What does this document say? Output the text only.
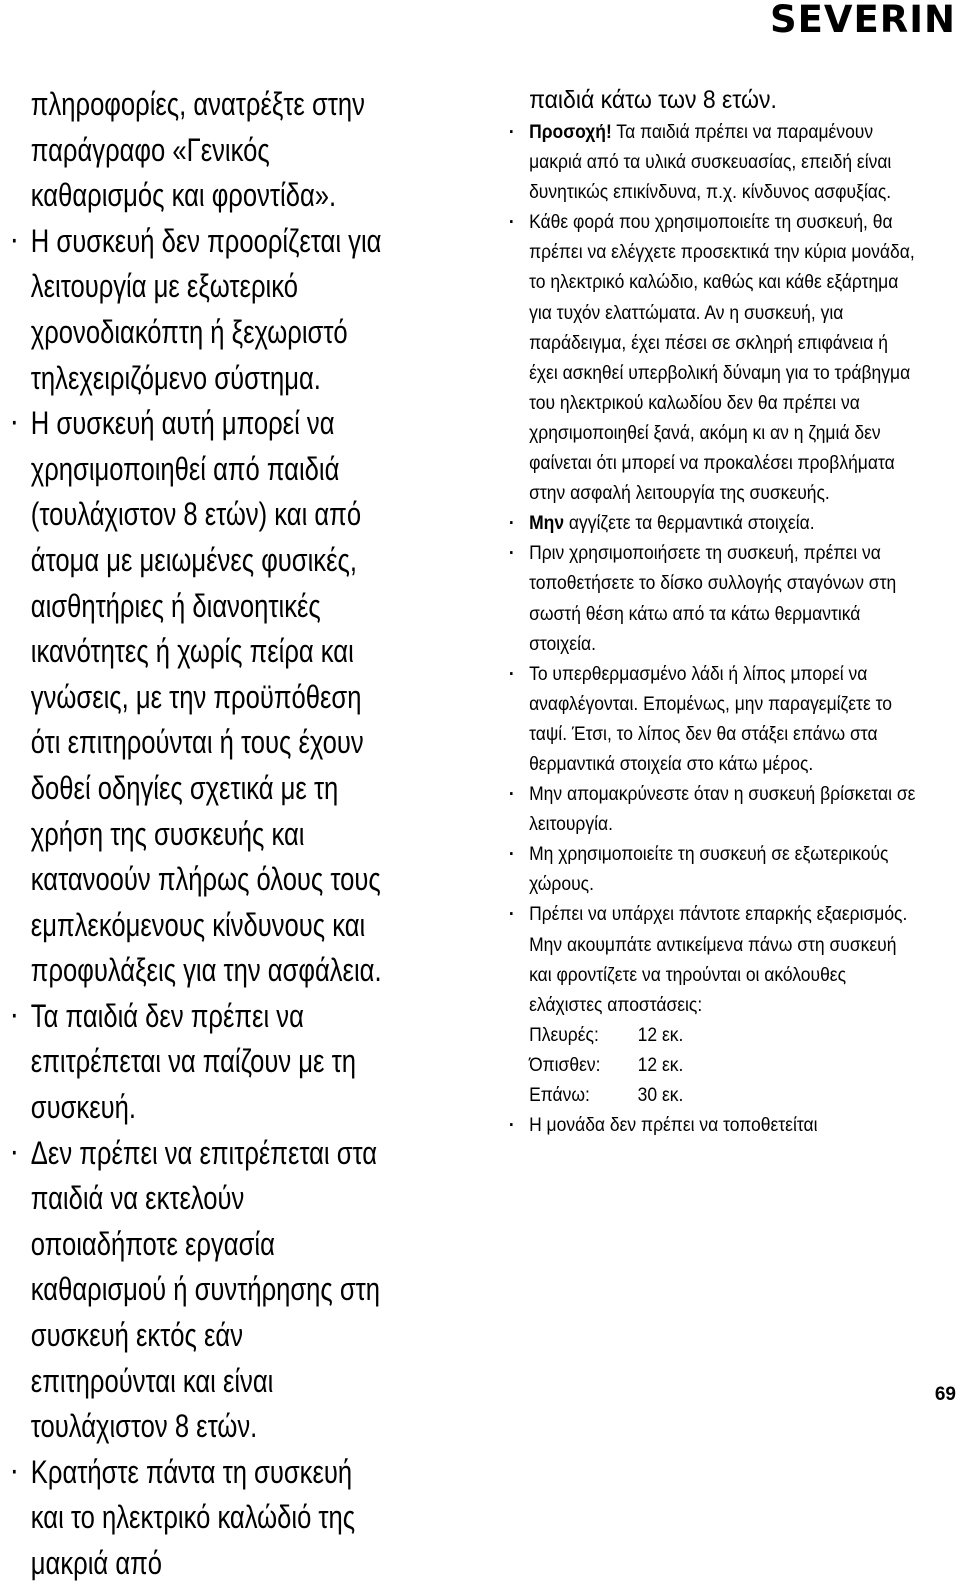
SEVERIN
πληροφορίες, ανατρέξτε στην παράγραφο «Γενικός καθαρισμός και φροντίδα».
· Η συσκευή δεν προορίζεται για λειτουργία με εξωτερικό χρονοδιακόπτη ή ξεχωριστό τηλεχειριζόμενο σύστημα.
· Η συσκευή αυτή μπορεί να χρησιμοποιηθεί από παιδιά (τουλάχιστον 8 ετών) και από άτομα με μειωμένες φυσικές, αισθητήριες ή διανοητικές ικανότητες ή χωρίς πείρα και γνώσεις, με την προϋπόθεση ότι επιτηρούνται ή τους έχουν δοθεί οδηγίες σχετικά με τη χρήση της συσκευής και κατανοούν πλήρως όλους τους εμπλεκόμενους κίνδυνους και προφυλάξεις για την ασφάλεια.
· Τα παιδιά δεν πρέπει να επιτρέπεται να παίζουν με τη συσκευή.
· Δεν πρέπει να επιτρέπεται στα παιδιά να εκτελούν οποιαδήποτε εργασία καθαρισμού ή συντήρησης στη συσκευή εκτός εάν επιτηρούνται και είναι τουλάχιστον 8 ετών.
· Κρατήστε πάντα τη συσκευή και το ηλεκτρικό καλώδιό της μακριά από
παιδιά κάτω των 8 ετών.
· Προσοχή! Τα παιδιά πρέπει να παραμένουν μακριά από τα υλικά συσκευασίας, επειδή είναι δυνητικώς επικίνδυνα, π.χ. κίνδυνος ασφυξίας.
· Κάθε φορά που χρησιμοποιείτε τη συσκευή, θα πρέπει να ελέγχετε προσεκτικά την κύρια μονάδα, το ηλεκτρικό καλώδιο, καθώς και κάθε εξάρτημα για τυχόν ελαττώματα. Αν η συσκευή, για παράδειγμα, έχει πέσει σε σκληρή επιφάνεια ή έχει ασκηθεί υπερβολική δύναμη για το τράβηγμα του ηλεκτρικού καλωδίου δεν θα πρέπει να χρησιμοποιηθεί ξανά, ακόμη κι αν η ζημιά δεν φαίνεται ότι μπορεί να προκαλέσει προβλήματα στην ασφαλή λειτουργία της συσκευής.
· Μην αγγίζετε τα θερμαντικά στοιχεία.
· Πριν χρησιμοποιήσετε τη συσκευή, πρέπει να τοποθετήσετε το δίσκο συλλογής σταγόνων στη σωστή θέση κάτω από τα κάτω θερμαντικά στοιχεία.
· Το υπερθερμασμένο λάδι ή λίπος μπορεί να αναφλέγονται. Επομένως, μην παραγεμίζετε το ταψί. Έτσι, το λίπος δεν θα στάξει επάνω στα θερμαντικά στοιχεία στο κάτω μέρος.
· Μην απομακρύνεστε όταν η συσκευή βρίσκεται σε λειτουργία.
· Μη χρησιμοποιείτε τη συσκευή σε εξωτερικούς χώρους.
· Πρέπει να υπάρχει πάντοτε επαρκής εξαερισμός. Μην ακουμπάτε αντικείμενα πάνω στη συσκευή και φροντίζετε να τηρούνται οι ακόλουθες ελάχιστες αποστάσεις:
Πλευρές:	12 εκ.
Όπισθεν:	12 εκ.
Επάνω:	30 εκ.
· Η μονάδα δεν πρέπει να τοποθετείται
69
